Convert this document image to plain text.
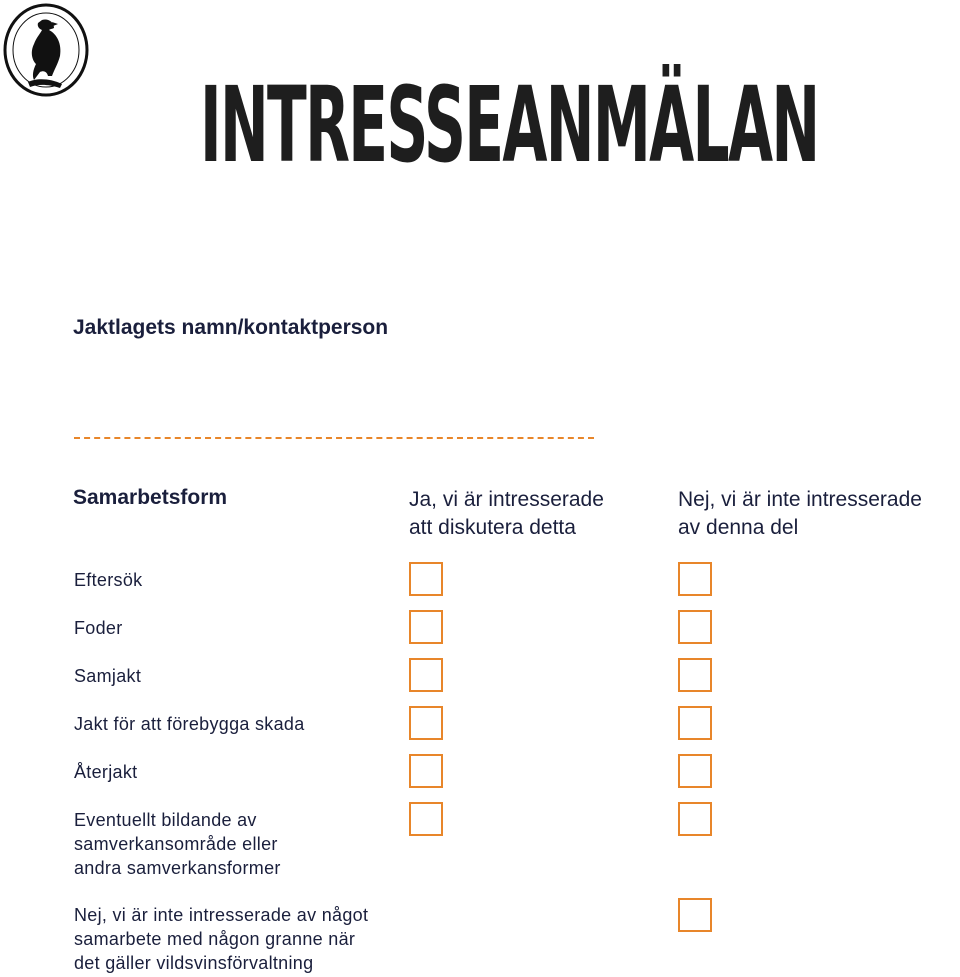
INTRESSEANMÄLAN
Jaktlagets namn/kontaktperson
Samarbetsform	Ja, vi är intresserade
att diskutera detta
Nej, vi är inte intresserade
av denna del
Eftersök
Foder
Samjakt
Jakt för att förebygga skada
Återjakt
Eventuellt bildande av
samverkansområde eller
andra samverkansformer
Nej, vi är inte intresserade av något
samarbete med någon granne när
det gäller vildsvinsförvaltning
